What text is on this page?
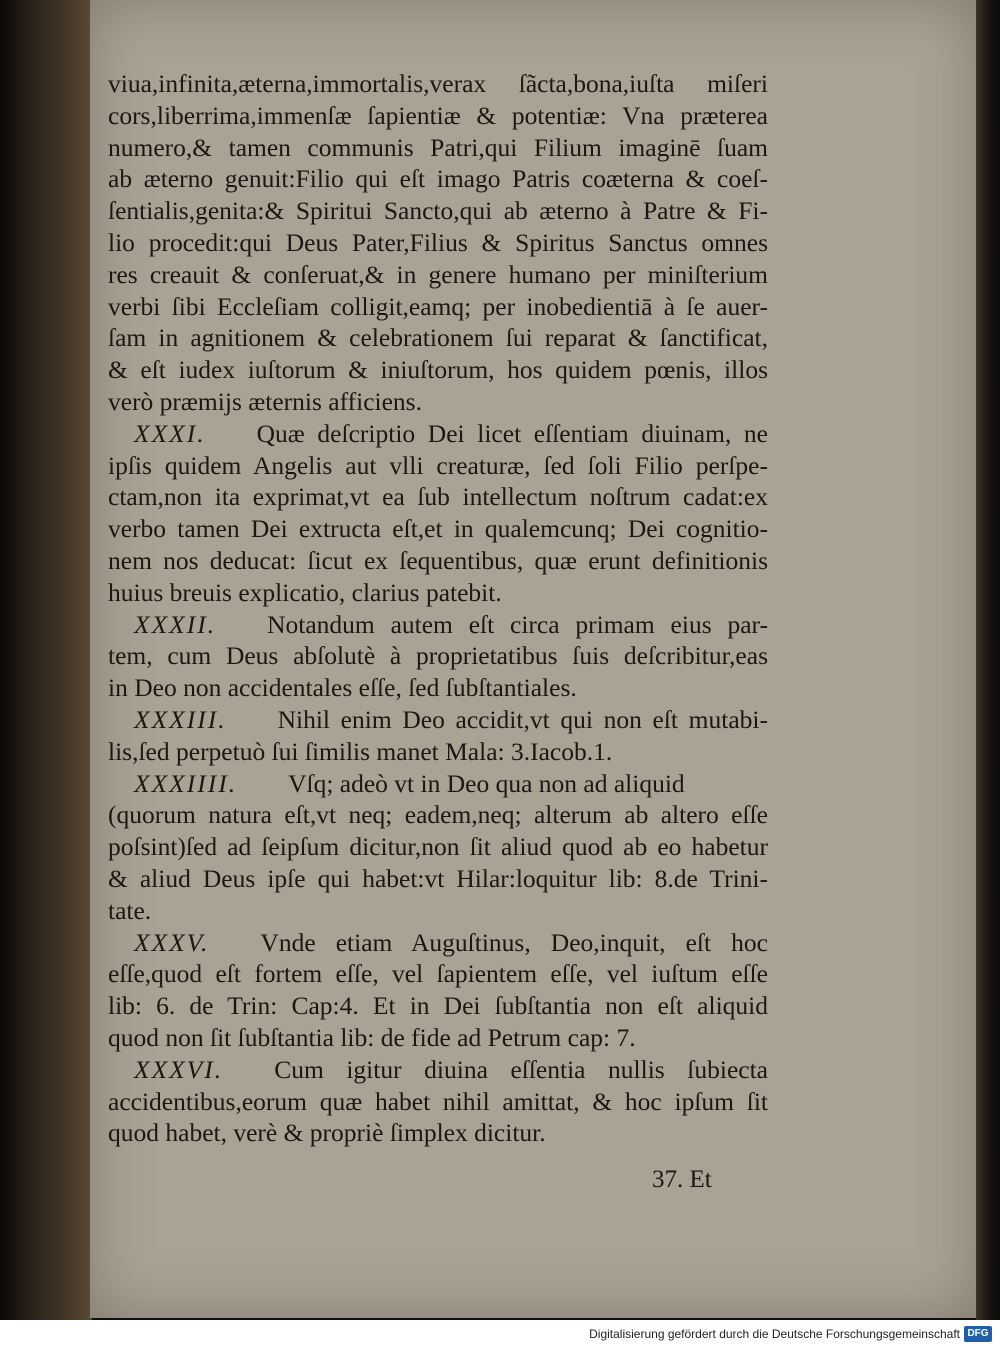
viua,infinita,æterna,immortalis,verax ſãcta,bona,iuſta miſeri
cors,liberrima,immenſæ ſapientiæ & potentiæ: Vna præterea
numero,& tamen communis Patri,qui Filium imaginē ſuam
ab æterno genuit:Filio qui eſt imago Patris coæterna & coeſ-
ſentialis,genita:& Spiritui Sancto,qui ab æterno à Patre & Fi-
lio procedit:qui Deus Pater,Filius & Spiritus Sanctus omnes
res creauit & conſeruat,& in genere humano per miniſterium
verbi ſibi Eccleſiam colligit,eamq; per inobedientiā à ſe auer-
ſam in agnitionem & celebrationem ſui reparat & ſanctificat,
& eſt iudex iuſtorum & iniuſtorum, hos quidem pœnis, illos
verò præmijs æternis afficiens.
XXXI.   Quæ deſcriptio Dei licet eſſentiam diuinam, ne
ipſis quidem Angelis aut vlli creaturæ, ſed ſoli Filio perſpe-
ctam,non ita exprimat,vt ea ſub intellectum noſtrum cadat:ex
verbo tamen Dei extructa eſt,et in qualemcunq; Dei cognitio-
nem nos deducat: ſicut ex ſequentibus, quæ erunt definitionis
huius breuis explicatio, clarius patebit.
XXXII.   Notandum autem eſt circa primam eius par-
tem, cum Deus abſolutè à proprietatibus ſuis deſcribitur,eas
in Deo non accidentales eſſe, ſed ſubſtantiales.
XXXIII.   Nihil enim Deo accidit,vt qui non eſt mutabi-
lis,ſed perpetuò ſui ſimilis manet Mala: 3.Iacob.1.
XXXIIII.   Vſq; adeò vt in Deo qua non ad aliquid
(quorum natura eſt,vt neq; eadem,neq; alterum ab altero eſſe
poſsint)ſed ad ſeipſum dicitur,non ſit aliud quod ab eo habetur
& aliud Deus ipſe qui habet:vt Hilar:loquitur lib: 8.de Trini-
tate.
XXXV.   Vnde etiam Auguſtinus, Deo,inquit, eſt hoc
eſſe,quod eſt fortem eſſe, vel ſapientem eſſe, vel iuſtum eſſe
lib: 6. de Trin: Cap:4. Et in Dei ſubſtantia non eſt aliquid
quod non ſit ſubſtantia lib: de fide ad Petrum cap: 7.
XXXVI.   Cum igitur diuina eſſentia nullis ſubiecta
accidentibus,eorum quæ habet nihil amittat, & hoc ipſum ſit
quod habet, verè & propriè ſimplex dicitur.
37. Et
Digitalisierung gefördert durch die Deutsche Forschungsgemeinschaft DFG
